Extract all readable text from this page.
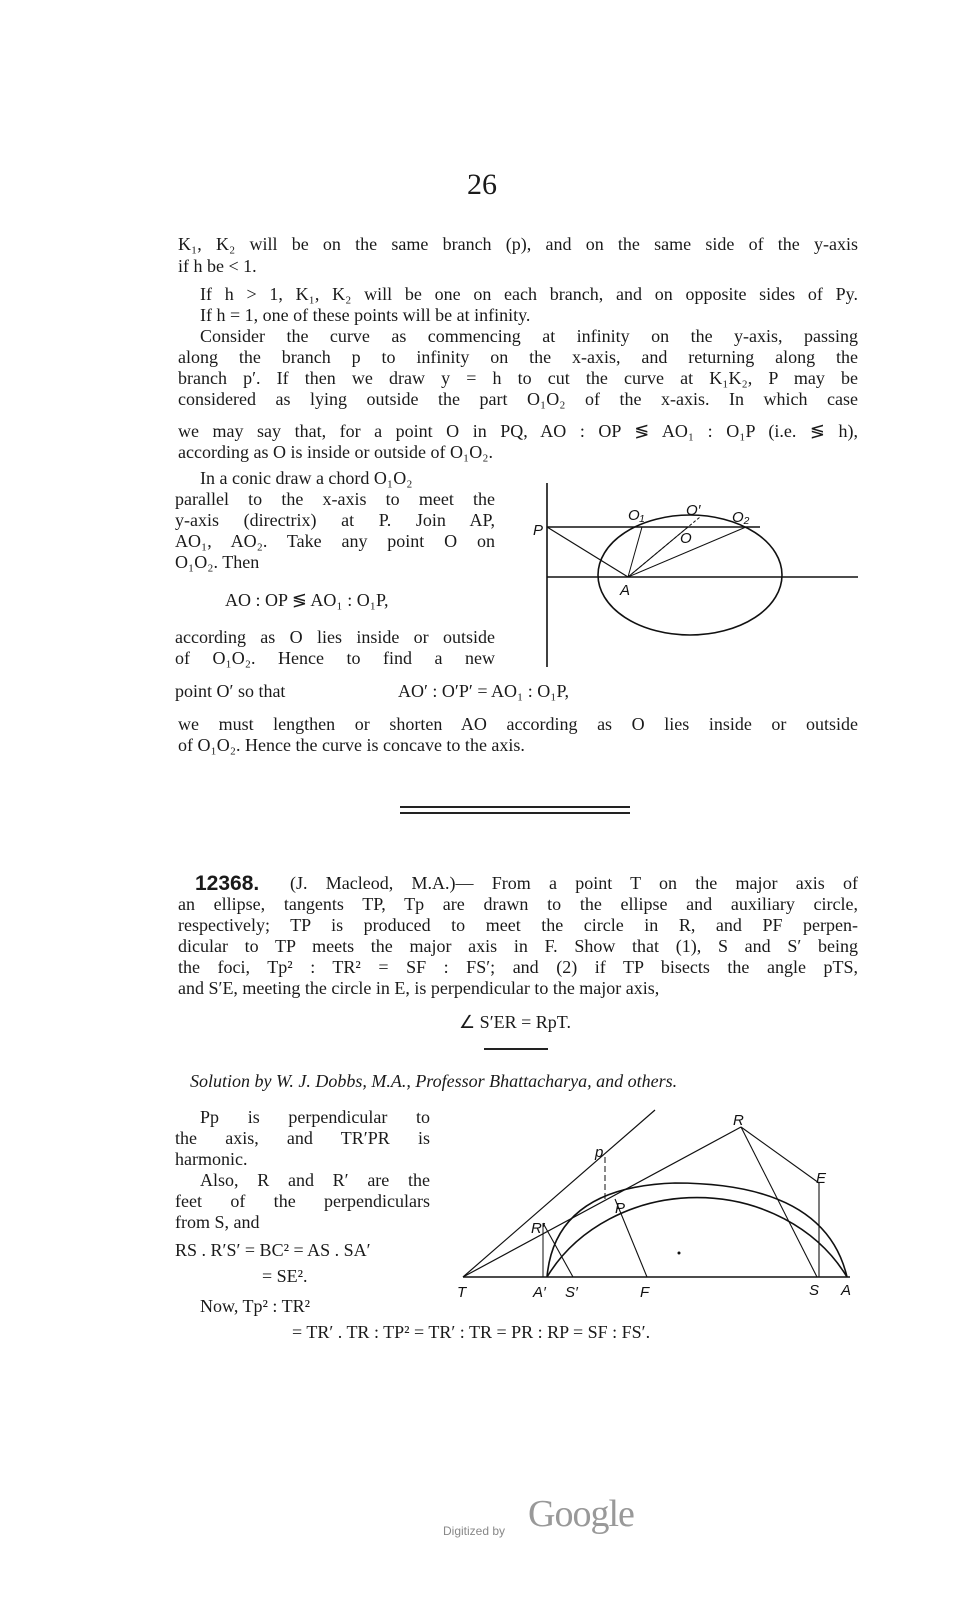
26
K₁, K₂ will be on the same branch (p), and on the same side of the y-axis
if h be < 1.
If h > 1, K₁, K₂ will be one on each branch, and on opposite sides of Py.
If h = 1, one of these points will be at infinity.
Consider the curve as commencing at infinity on the y-axis, passing
along the branch p to infinity on the x-axis, and returning along the
branch p′. If then we draw y = h to cut the curve at K₁K₂, P may be
considered as lying outside the part O₁O₂ of the x-axis. In which case
we may say that, for a point O in PQ, AO : OP ≶ AO₁ : O₁P (i.e. ≶ h),
according as O is inside or outside of O₁O₂.
In a conic draw a chord O₁O₂
parallel to the x-axis to meet the
y-axis (directrix) at P. Join AP,
AO₁, AO₂. Take any point O on
O₁O₂. Then
AO : OP ≶ AO₁ : O₁P,
according as O lies inside or outside
of O₁O₂. Hence to find a new
point O′ so that	AO′ : O′P′ = AO₁ : O₁P,
we must lengthen or shorten AO according as O lies inside or outside
of O₁O₂. Hence the curve is concave to the axis.
P
A
O₁	O′ O₂
O
12368. (J. Macleod, M.A.)— From a point T on the major axis of
an ellipse, tangents TP, Tp are drawn to the ellipse and auxiliary circle,
respectively; TP is produced to meet the circle in R, and PF perpen-
dicular to TP meets the major axis in F. Show that (1), S and S′ being
the foci, Tp² : TR² = SF : FS′; and (2) if TP bisects the angle pTS,
and S′E, meeting the circle in E, is perpendicular to the major axis,
∠ S′ER = RpT.
Solution by W. J. Dobbs, M.A., Professor Bhattacharya, and others.
Pp is perpendicular to
the axis, and TR′PR is
harmonic.
Also, R and R′ are the
feet of the perpendiculars
from S, and
RS . R′S′ = BC² = AS . SA′
= SE².
Now, Tp² : TR²
= TR′ . TR : TP² = TR′ : TR = PR : RP = SF : FS′.
T	A′ S′	F	S A
p
R
E
R′
P
Digitized by Google
